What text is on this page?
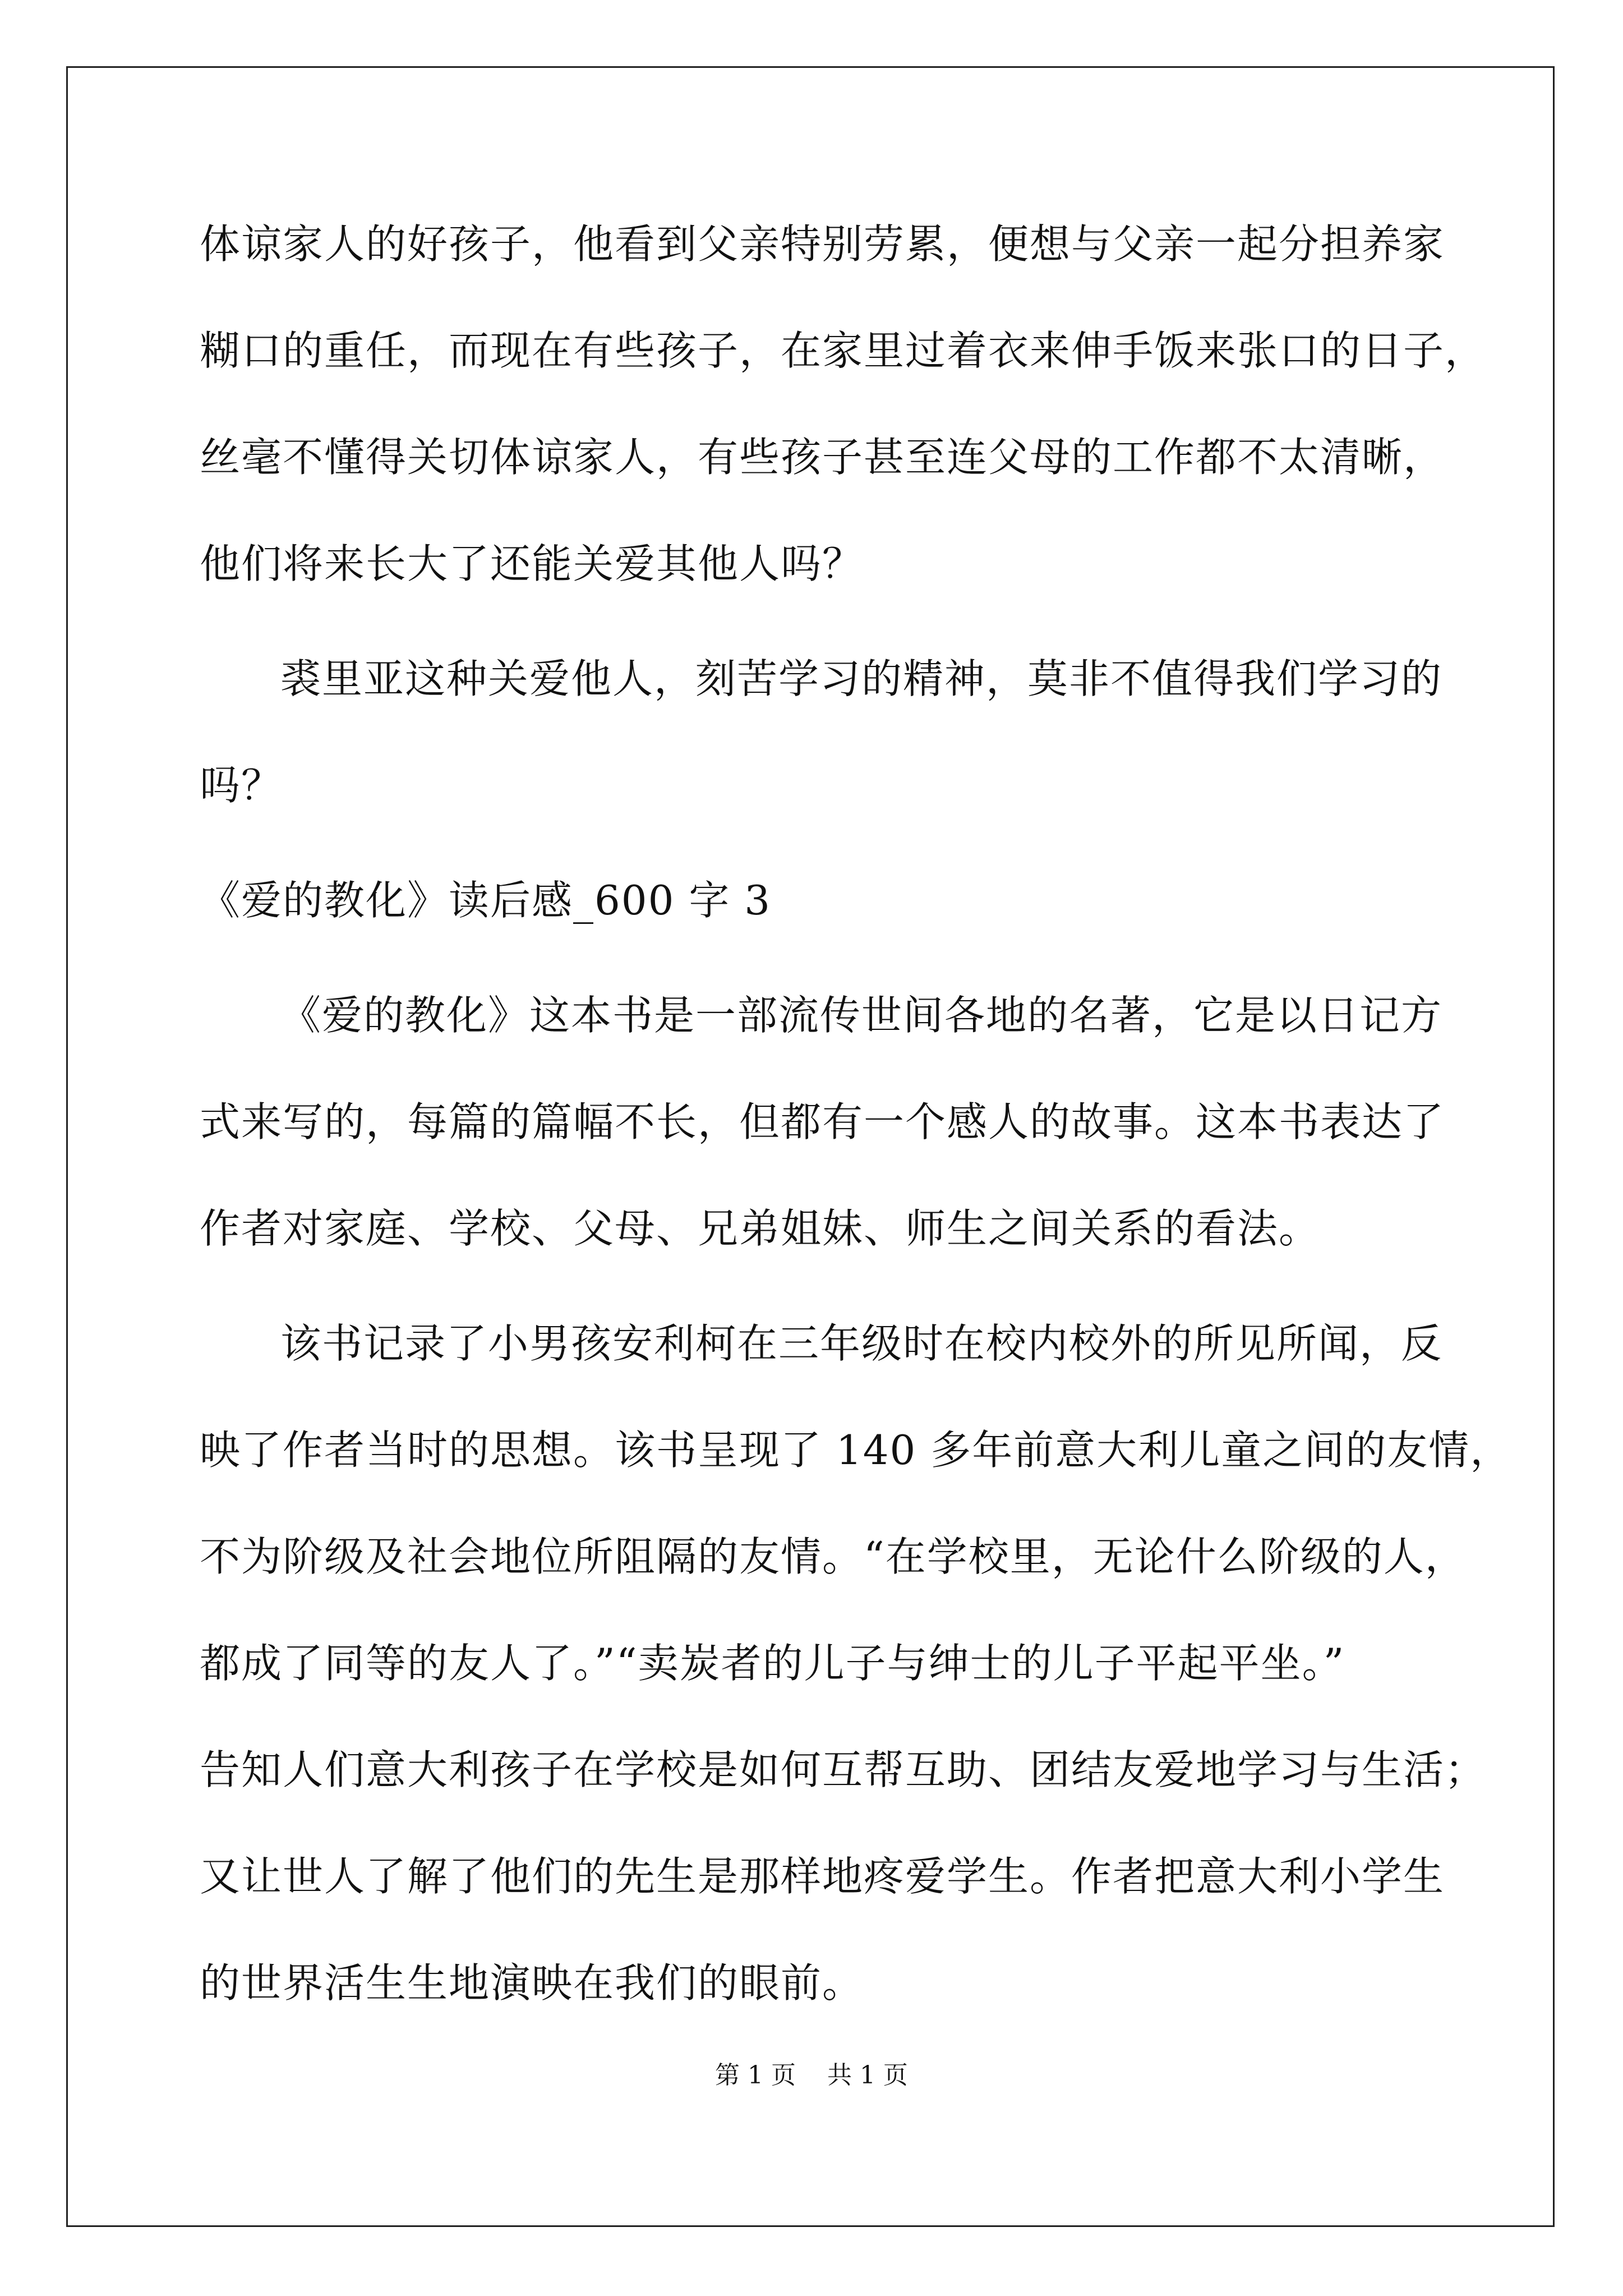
体谅家人的好孩子，他看到父亲特别劳累，便想与父亲一起分担养家
糊口的重任，而现在有些孩子，在家里过着衣来伸手饭来张口的日子，
丝毫不懂得关切体谅家人，有些孩子甚至连父母的工作都不太清晰，
他们将来长大了还能关爱其他人吗？
裘里亚这种关爱他人，刻苦学习的精神，莫非不值得我们学习的
吗？
《爱的教化》读后感_600 字 3
《爱的教化》这本书是一部流传世间各地的名著，它是以日记方
式来写的，每篇的篇幅不长，但都有一个感人的故事。这本书表达了
作者对家庭、学校、父母、兄弟姐妹、师生之间关系的看法。
该书记录了小男孩安利柯在三年级时在校内校外的所见所闻，反
映了作者当时的思想。该书呈现了 140 多年前意大利儿童之间的友情，
不为阶级及社会地位所阻隔的友情。“在学校里，无论什么阶级的人，
都成了同等的友人了。”“卖炭者的儿子与绅士的儿子平起平坐。”
告知人们意大利孩子在学校是如何互帮互助、团结友爱地学习与生活；
又让世人了解了他们的先生是那样地疼爱学生。作者把意大利小学生
的世界活生生地演映在我们的眼前。
第 1 页    共 1 页
